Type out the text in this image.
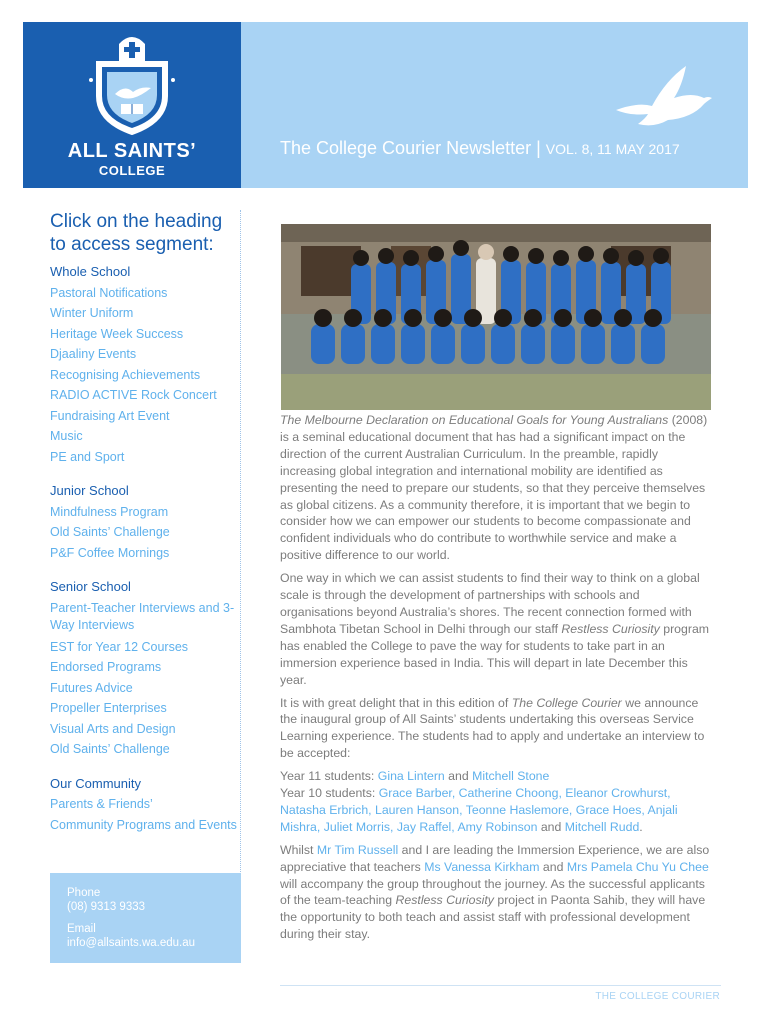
ALL SAINTS’
COLLEGE
The College Courier Newsletter | VOL. 8, 11 MAY 2017
Click on the heading
to access segment:
Whole School
Pastoral Notifications
Winter Uniform
Heritage Week Success
Djaaliny Events
Recognising Achievements
RADIO ACTIVE Rock Concert
Fundraising Art Event
Music
PE and Sport
Junior School
Mindfulness Program
Old Saints’ Challenge
P&F Coffee Mornings
Senior School
Parent-Teacher Interviews and 3-Way Interviews
EST for Year 12 Courses
Endorsed Programs
Futures Advice
Propeller Enterprises
Visual Arts and Design
Old Saints’ Challenge
Our Community
Parents & Friends’
Community Programs and Events
Phone
(08) 9313 9333
Email
info@allsaints.wa.edu.au

The Melbourne Declaration on Educational Goals for Young Australians (2008) is a seminal educational document that has had a significant impact on the direction of the current Australian Curriculum. In the preamble, rapidly increasing global integration and international mobility are identified as presenting the need to prepare our students, so that they perceive themselves as global citizens. As a community therefore, it is important that we begin to consider how we can empower our students to become compassionate and confident individuals who do contribute to worthwhile service and make a positive difference to our world.

One way in which we can assist students to find their way to think on a global scale is through the development of partnerships with schools and organisations beyond Australia’s shores. The recent connection formed with Sambhota Tibetan School in Delhi through our staff Restless Curiosity program has enabled the College to pave the way for students to take part in an immersion experience based in India. This will depart in late December this year.

It is with great delight that in this edition of The College Courier we announce the inaugural group of All Saints’ students undertaking this overseas Service Learning experience. The students had to apply and undertake an interview to be accepted:

Year 11 students: Gina Lintern and Mitchell Stone
Year 10 students: Grace Barber, Catherine Choong, Eleanor Crowhurst, Natasha Erbrich, Lauren Hanson, Teonne Haslemore, Grace Hoes, Anjali Mishra, Juliet Morris, Jay Raffel, Amy Robinson and Mitchell Rudd.

Whilst Mr Tim Russell and I are leading the Immersion Experience, we are also appreciative that teachers Ms Vanessa Kirkham and Mrs Pamela Chu Yu Chee will accompany the group throughout the journey. As the successful applicants of the team-teaching Restless Curiosity project in Paonta Sahib, they will have the opportunity to both teach and assist staff with professional development during their stay.

THE COLLEGE COURIER
